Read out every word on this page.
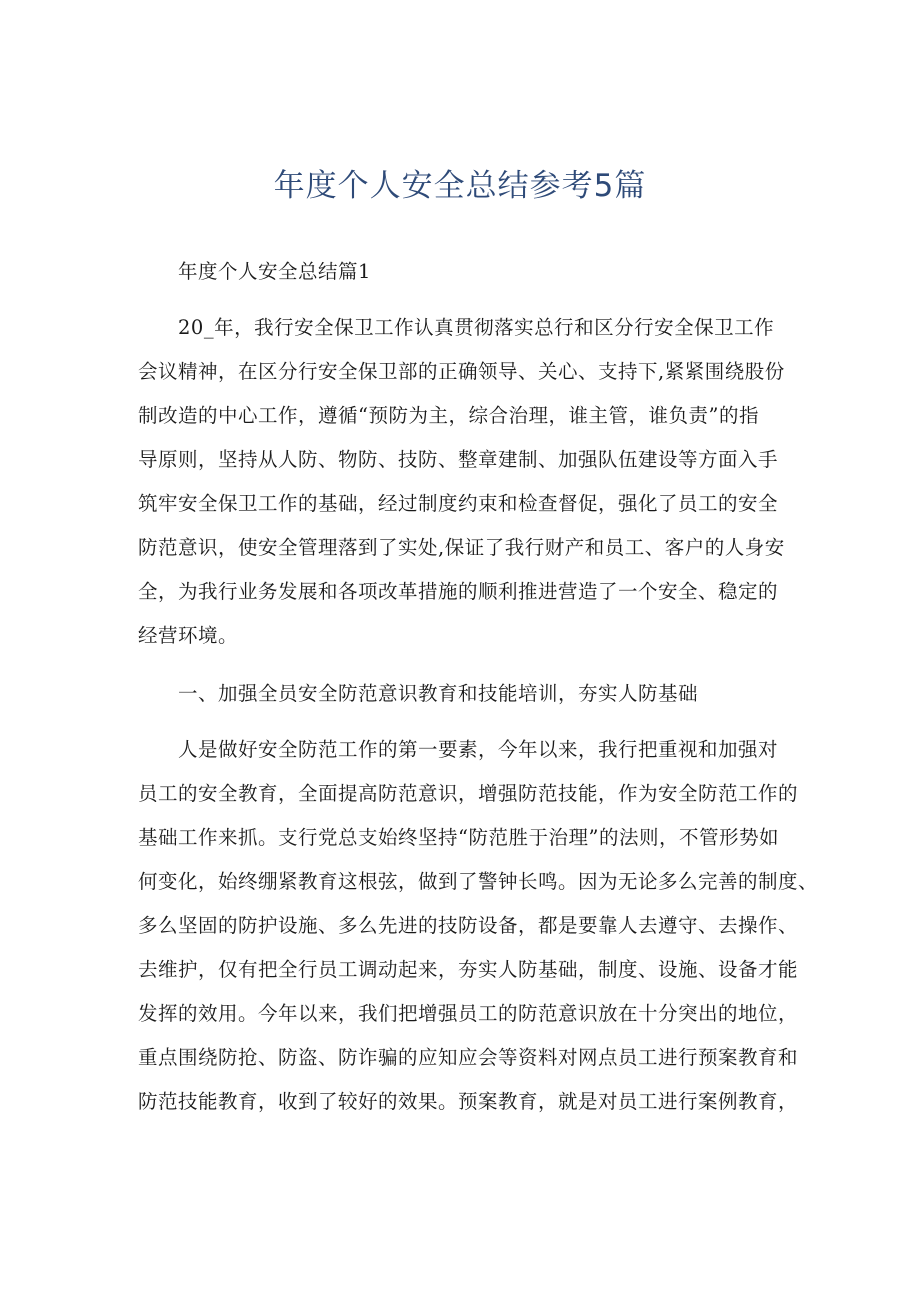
年度个人安全总结参考5篇
年度个人安全总结篇1
20_年，我行安全保卫工作认真贯彻落实总行和区分行安全保卫工作
会议精神，在区分行安全保卫部的正确领导、关心、支持下,紧紧围绕股份
制改造的中心工作，遵循“预防为主，综合治理，谁主管，谁负责”的指
导原则，坚持从人防、物防、技防、整章建制、加强队伍建设等方面入手
筑牢安全保卫工作的基础，经过制度约束和检查督促，强化了员工的安全
防范意识，使安全管理落到了实处,保证了我行财产和员工、客户的人身安
全，为我行业务发展和各项改革措施的顺利推进营造了一个安全、稳定的
经营环境。
一、加强全员安全防范意识教育和技能培训，夯实人防基础
人是做好安全防范工作的第一要素，今年以来，我行把重视和加强对
员工的安全教育，全面提高防范意识，增强防范技能，作为安全防范工作的
基础工作来抓。支行党总支始终坚持“防范胜于治理”的法则，不管形势如
何变化，始终绷紧教育这根弦，做到了警钟长鸣。因为无论多么完善的制度、
多么坚固的防护设施、多么先进的技防设备，都是要靠人去遵守、去操作、
去维护，仅有把全行员工调动起来，夯实人防基础，制度、设施、设备才能
发挥的效用。今年以来，我们把增强员工的防范意识放在十分突出的地位，
重点围绕防抢、防盗、防诈骗的应知应会等资料对网点员工进行预案教育和
防范技能教育，收到了较好的效果。预案教育，就是对员工进行案例教育，
